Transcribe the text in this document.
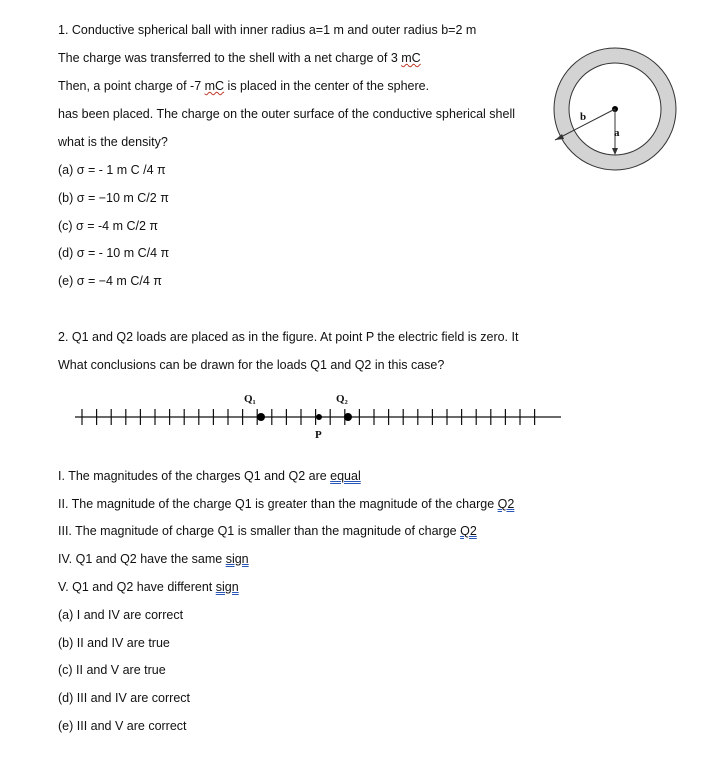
1. Conductive spherical ball with inner radius a=1 m and outer radius b=2 m
The charge was transferred to the shell with a net charge of 3 mC
Then, a point charge of -7 mC is placed in the center of the sphere.
has been placed. The charge on the outer surface of the conductive spherical shell
what is the density?
(a) σ = - 1 m C /4 π
(b) σ = −10 m C/2 π
(c) σ = -4 m C/2 π
(d) σ = - 10 m C/4 π
(e) σ = −4 m C/4 π
b
a
2. Q1 and Q2 loads are placed as in the figure. At point P the electric field is zero. It
What conclusions can be drawn for the loads Q1 and Q2 in this case?
Q₁	Q₂
P
I. The magnitudes of the charges Q1 and Q2 are equal
II. The magnitude of the charge Q1 is greater than the magnitude of the charge Q2
III. The magnitude of charge Q1 is smaller than the magnitude of charge Q2
IV. Q1 and Q2 have the same sign
V. Q1 and Q2 have different sign
(a) I and IV are correct
(b) II and IV are true
(c) II and V are true
(d) III and IV are correct
(e) III and V are correct
